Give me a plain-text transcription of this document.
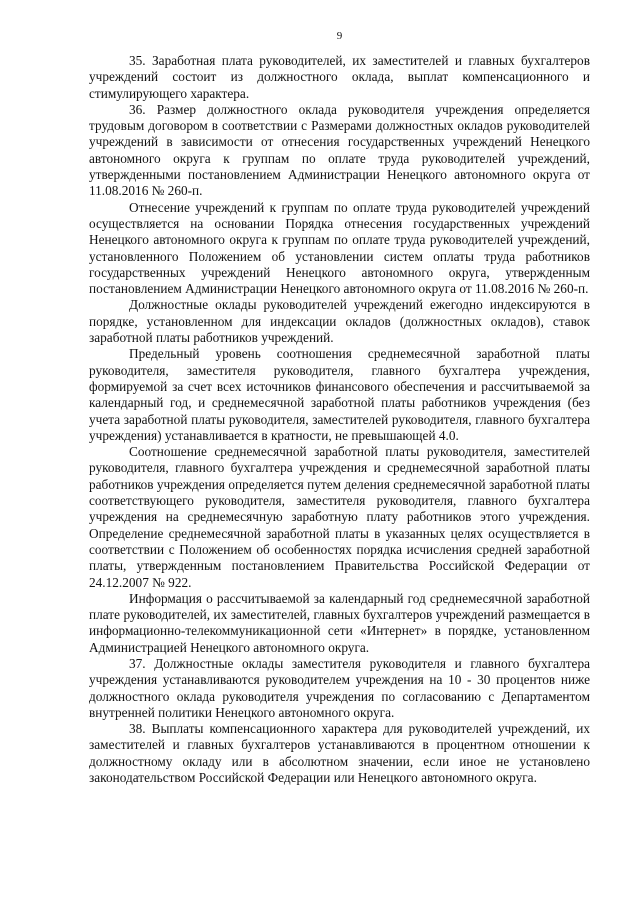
9

35. Заработная плата руководителей, их заместителей и главных бухгалтеров учреждений состоит из должностного оклада, выплат компенсационного и стимулирующего характера.

36. Размер должностного оклада руководителя учреждения определяется трудовым договором в соответствии с Размерами должностных окладов руководителей учреждений в зависимости от отнесения государственных учреждений Ненецкого автономного округа к группам по оплате труда руководителей учреждений, утвержденными постановлением Администрации Ненецкого автономного округа от 11.08.2016 № 260-п.

Отнесение учреждений к группам по оплате труда руководителей учреждений осуществляется на основании Порядка отнесения государственных учреждений Ненецкого автономного округа к группам по оплате труда руководителей учреждений, установленного Положением об установлении систем оплаты труда работников государственных учреждений Ненецкого автономного округа, утвержденным постановлением Администрации Ненецкого автономного округа от 11.08.2016 № 260-п.

Должностные оклады руководителей учреждений ежегодно индексируются в порядке, установленном для индексации окладов (должностных окладов), ставок заработной платы работников учреждений.

Предельный уровень соотношения среднемесячной заработной платы руководителя, заместителя руководителя, главного бухгалтера учреждения, формируемой за счет всех источников финансового обеспечения и рассчитываемой за календарный год, и среднемесячной заработной платы работников учреждения (без учета заработной платы руководителя, заместителей руководителя, главного бухгалтера учреждения) устанавливается в кратности, не превышающей 4.0.

Соотношение среднемесячной заработной платы руководителя, заместителей руководителя, главного бухгалтера учреждения и среднемесячной заработной платы работников учреждения определяется путем деления среднемесячной заработной платы соответствующего руководителя, заместителя руководителя, главного бухгалтера учреждения на среднемесячную заработную плату работников этого учреждения. Определение среднемесячной заработной платы в указанных целях осуществляется в соответствии с Положением об особенностях порядка исчисления средней заработной платы, утвержденным постановлением Правительства Российской Федерации от 24.12.2007 № 922.

Информация о рассчитываемой за календарный год среднемесячной заработной плате руководителей, их заместителей, главных бухгалтеров учреждений размещается в информационно-телекоммуникационной сети «Интернет» в порядке, установленном Администрацией Ненецкого автономного округа.

37. Должностные оклады заместителя руководителя и главного бухгалтера учреждения устанавливаются руководителем учреждения на 10 - 30 процентов ниже должностного оклада руководителя учреждения по согласованию с Департаментом внутренней политики Ненецкого автономного округа.

38. Выплаты компенсационного характера для руководителей учреждений, их заместителей и главных бухгалтеров устанавливаются в процентном отношении к должностному окладу или в абсолютном значении, если иное не установлено законодательством Российской Федерации или Ненецкого автономного округа.
